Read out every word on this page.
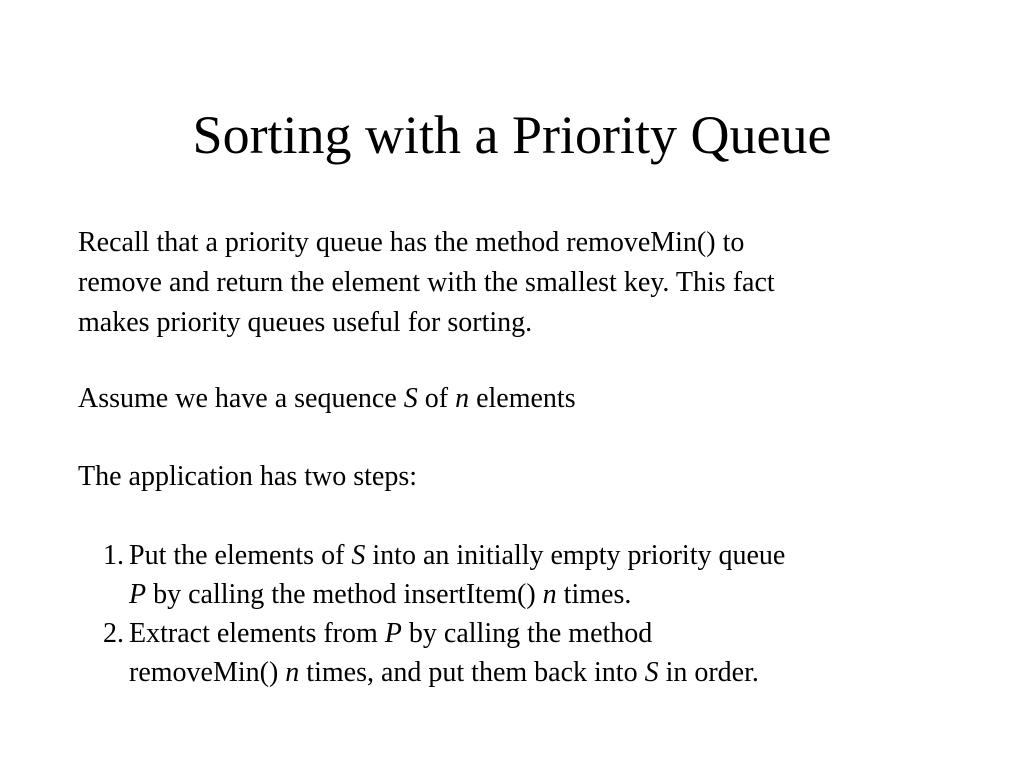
Sorting with a Priority Queue
Recall that a priority queue has the method removeMin() to
remove and return the element with the smallest key. This fact
makes priority queues useful for sorting.
Assume we have a sequence S of n elements
The application has two steps:
1. Put the elements of S into an initially empty priority queue
P by calling the method insertItem() n times.
2. Extract elements from P by calling the method
removeMin() n times, and put them back into S in order.
